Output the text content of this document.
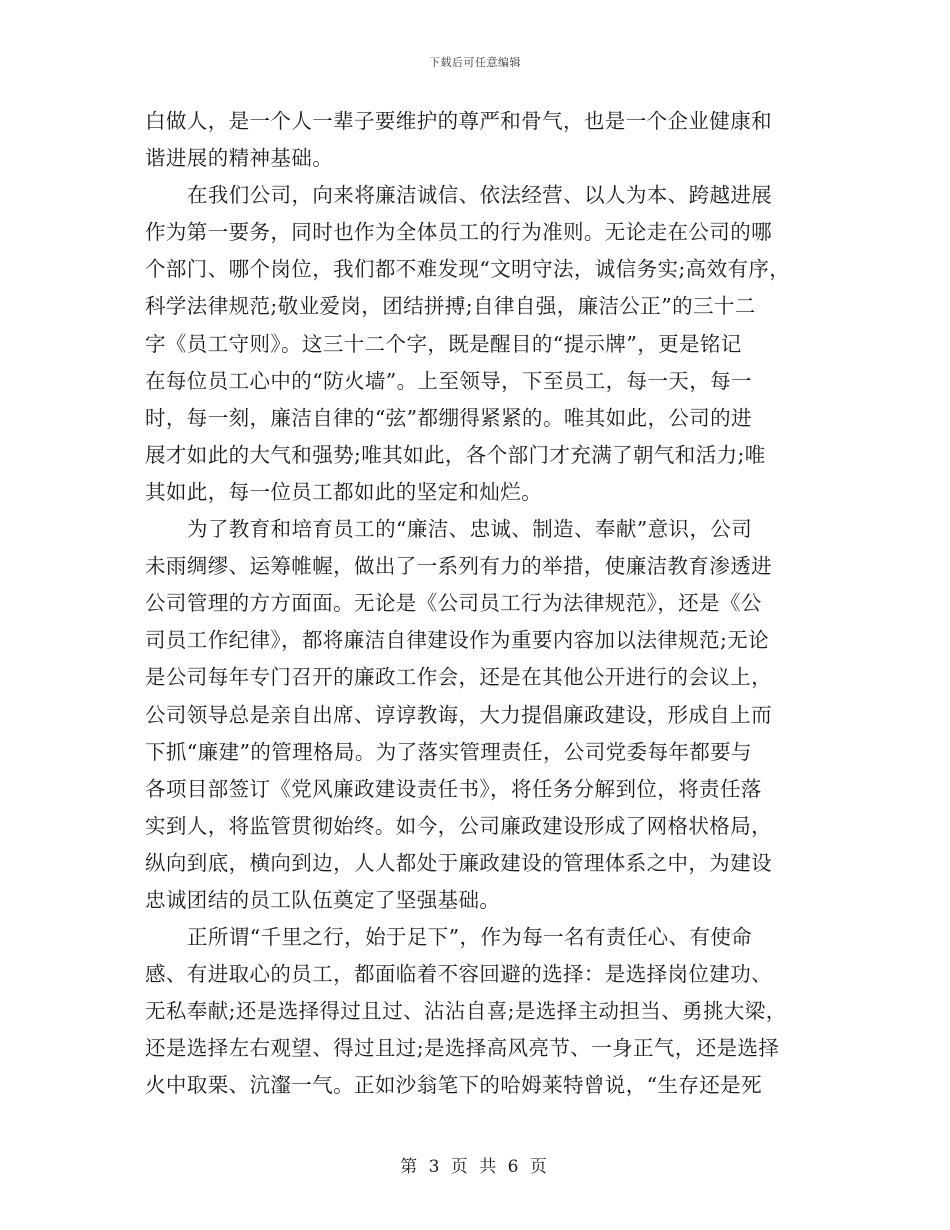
下载后可任意编辑
白做人，是一个人一辈子要维护的尊严和骨气，也是一个企业健康和
谐进展的精神基础。
在我们公司，向来将廉洁诚信、依法经营、以人为本、跨越进展
作为第一要务，同时也作为全体员工的行为准则。无论走在公司的哪
个部门、哪个岗位，我们都不难发现“文明守法，诚信务实;高效有序，
科学法律规范;敬业爱岗，团结拼搏;自律自强，廉洁公正”的三十二
字《员工守则》。这三十二个字，既是醒目的“提示牌”，更是铭记
在每位员工心中的“防火墙”。上至领导，下至员工，每一天，每一
时，每一刻，廉洁自律的“弦”都绷得紧紧的。唯其如此，公司的进
展才如此的大气和强势;唯其如此，各个部门才充满了朝气和活力;唯
其如此，每一位员工都如此的坚定和灿烂。
为了教育和培育员工的“廉洁、忠诚、制造、奉献”意识，公司
未雨绸缪、运筹帷幄，做出了一系列有力的举措，使廉洁教育渗透进
公司管理的方方面面。无论是《公司员工行为法律规范》，还是《公
司员工作纪律》，都将廉洁自律建设作为重要内容加以法律规范;无论
是公司每年专门召开的廉政工作会，还是在其他公开进行的会议上，
公司领导总是亲自出席、谆谆教诲，大力提倡廉政建设，形成自上而
下抓“廉建”的管理格局。为了落实管理责任，公司党委每年都要与
各项目部签订《党风廉政建设责任书》，将任务分解到位，将责任落
实到人，将监管贯彻始终。如今，公司廉政建设形成了网格状格局，
纵向到底，横向到边，人人都处于廉政建设的管理体系之中，为建设
忠诚团结的员工队伍奠定了坚强基础。
正所谓“千里之行，始于足下”，作为每一名有责任心、有使命
感、有进取心的员工，都面临着不容回避的选择：是选择岗位建功、
无私奉献;还是选择得过且过、沾沾自喜;是选择主动担当、勇挑大梁，
还是选择左右观望、得过且过;是选择高风亮节、一身正气，还是选择
火中取栗、沆瀣一气。正如沙翁笔下的哈姆莱特曾说，“生存还是死
第 3 页 共 6 页
